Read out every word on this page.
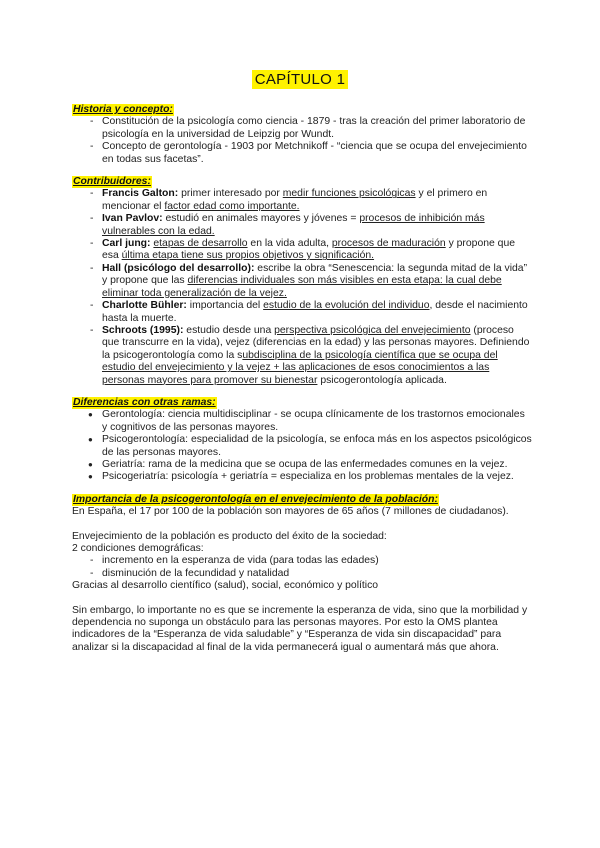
CAPÍTULO 1
Historia y concepto:
- Constitución de la psicología como ciencia - 1879 - tras la creación del primer laboratorio de psicología en la universidad de Leipzig por Wundt.
- Concepto de gerontología - 1903 por Metchnikoff - “ciencia que se ocupa del envejecimiento en todas sus facetas”.
Contribuidores:
- Francis Galton: primer interesado por medir funciones psicológicas y el primero en mencionar el factor edad como importante.
- Ivan Pavlov: estudió en animales mayores y jóvenes = procesos de inhibición más vulnerables con la edad.
- Carl jung: etapas de desarrollo en la vida adulta, procesos de maduración y propone que esa última etapa tiene sus propios objetivos y significación.
- Hall (psicólogo del desarrollo): escribe la obra “Senescencia: la segunda mitad de la vida” y propone que las diferencias individuales son más visibles en esta etapa: la cual debe eliminar toda generalización de la vejez.
- Charlotte Bühler: importancia del estudio de la evolución del individuo, desde el nacimiento hasta la muerte.
- Schroots (1995): estudio desde una perspectiva psicológica del envejecimiento (proceso que transcurre en la vida), vejez (diferencias en la edad) y las personas mayores. Definiendo la psicogerontología como la subdisciplina de la psicología científica que se ocupa del estudio del envejecimiento y la vejez + las aplicaciones de esos conocimientos a las personas mayores para promover su bienestar psicogerontología aplicada.
Diferencias con otras ramas:
● Gerontología: ciencia multidisciplinar - se ocupa clínicamente de los trastornos emocionales y cognitivos de las personas mayores.
● Psicogerontología: especialidad de la psicología, se enfoca más en los aspectos psicológicos de las personas mayores.
● Geriatría: rama de la medicina que se ocupa de las enfermedades comunes en la vejez.
● Psicogeriatría: psicología + geriatría = especializa en los problemas mentales de la vejez.
Importancia de la psicogerontología en el envejecimiento de la población:

En España, el 17 por 100 de la población son mayores de 65 años (7 millones de ciudadanos).

Envejecimiento de la población es producto del éxito de la sociedad:

2 condiciones demográficas:

- incremento en la esperanza de vida (para todas las edades)
- disminución de la fecundidad y natalidad

Gracias al desarrollo científico (salud), social, económico y político

Sin embargo, lo importante no es que se incremente la esperanza de vida, sino que la morbilidad y dependencia no suponga un obstáculo para las personas mayores. Por esto la OMS plantea indicadores de la “Esperanza de vida saludable” y “Esperanza de vida sin discapacidad” para analizar si la discapacidad al final de la vida permanecerá igual o aumentará más que ahora.
